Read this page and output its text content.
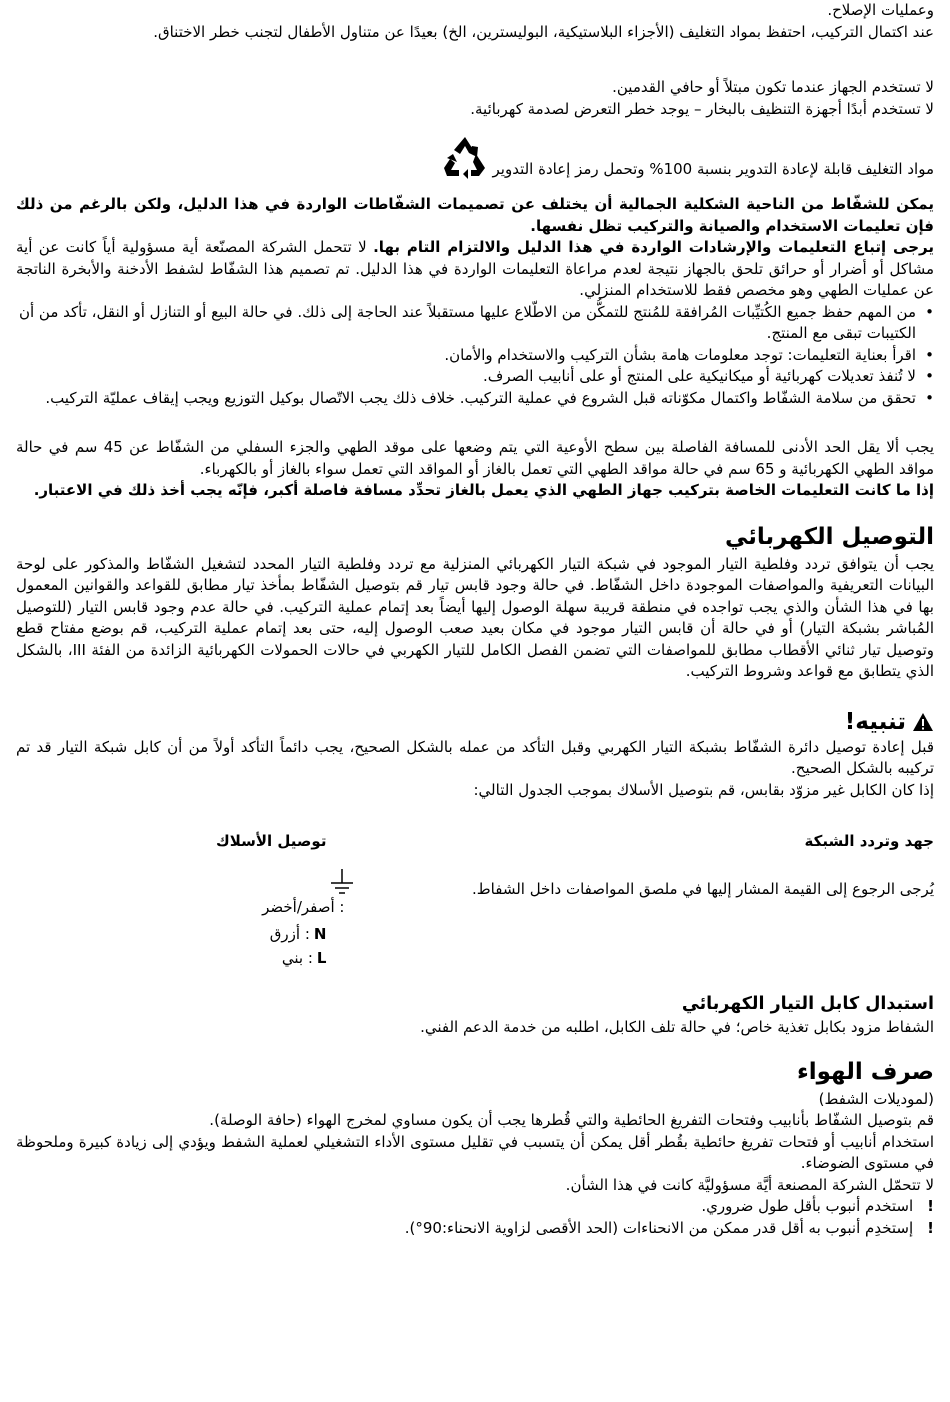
وعمليات الإصلاح.

عند اكتمال التركيب، احتفظ بمواد التغليف (الأجزاء البلاستيكية، البوليسترين، الخ) بعيدًا عن متناول الأطفال لتجنب خطر الاختناق.

لا تستخدم الجهاز عندما تكون مبتلاً أو حافي القدمين.

لا تستخدم أبدًا أجهزة التنظيف بالبخار – يوجد خطر التعرض لصدمة كهربائية.

مواد التغليف قابلة لإعادة التدوير بنسبة 100% وتحمل رمز إعادة التدوير

يمكن للشفّاط من الناحية الشكلية الجمالية أن يختلف عن تصميمات الشفّاطات الواردة في هذا الدليل، ولكن بالرغم من ذلك فإن تعليمات الاستخدام والصيانة والتركيب تظل نفسها.

يرجى إتباع التعليمات والإرشادات الواردة في هذا الدليل والالتزام التام بها. لا تتحمل الشركة المصنّعة أية مسؤولية أياً كانت عن أية مشاكل أو أضرار أو حرائق تلحق بالجهاز نتيجة لعدم مراعاة التعليمات الواردة في هذا الدليل. تم تصميم هذا الشفّاط لشفط الأدخنة والأبخرة الناتجة عن عمليات الطهي وهو مخصص فقط للاستخدام المنزلي.

• من المهم حفظ جميع الكُتيِّبات المُرافقة للمُنتج للتمكُّن من الاطّلاع عليها مستقبلاً عند الحاجة إلى ذلك. في حالة البيع أو التنازل أو النقل، تأكد من أن الكتيبات تبقى مع المنتج.
• اقرأ بعناية التعليمات: توجد معلومات هامة بشأن التركيب والاستخدام والأمان.
• لا تُنفذ تعديلات كهربائية أو ميكانيكية على المنتج أو على أنابيب الصرف.
• تحقق من سلامة الشفّاط واكتمال مكوّناته قبل الشروع في عملية التركيب. خلاف ذلك يجب الاتّصال بوكيل التوزيع ويجب إيقاف عمليّة التركيب.

يجب ألا يقل الحد الأدنى للمسافة الفاصلة بين سطح الأوعية التي يتم وضعها على موقد الطهي والجزء السفلي من الشفّاط عن 45 سم في حالة مواقد الطهي الكهربائية و 65 سم في حالة مواقد الطهي التي تعمل بالغاز أو المواقد التي تعمل سواء بالغاز أو بالكهرباء.

إذا ما كانت التعليمات الخاصة بتركيب جهاز الطهي الذي يعمل بالغاز تحدِّد مسافة فاصلة أكبر، فإنّه يجب أخذ ذلك في الاعتبار.

التوصيل الكهربائي

يجب أن يتوافق تردد وفلطية التيار الموجود في شبكة التيار الكهربائي المنزلية مع تردد وفلطية التيار المحدد لتشغيل الشفّاط والمذكور على لوحة البيانات التعريفية والمواصفات الموجودة داخل الشفّاط. في حالة وجود قابس تيار قم بتوصيل الشفّاط بمأخذ تيار مطابق للقواعد والقوانين المعمول بها في هذا الشأن والذي يجب تواجده في منطقة قريبة سهلة الوصول إليها أيضاً بعد إتمام عملية التركيب. في حالة عدم وجود قابس التيار (للتوصيل المُباشر بشبكة التيار) أو في حالة أن قابس التيار موجود في مكان بعيد صعب الوصول إليه، حتى بعد إتمام عملية التركيب، قم بوضع مفتاح قطع وتوصيل تيار ثنائي الأقطاب مطابق للمواصفات التي تضمن الفصل الكامل للتيار الكهربي في حالات الحمولات الكهربائية الزائدة من الفئة III، بالشكل الذي يتطابق مع قواعد وشروط التركيب.

تنبيه!

قبل إعادة توصيل دائرة الشفّاط بشبكة التيار الكهربي وقبل التأكد من عمله بالشكل الصحيح، يجب دائماً التأكد أولاً من أن كابل شبكة التيار قد تم تركيبه بالشكل الصحيح.

إذا كان الكابل غير مزوّد بقابس، قم بتوصيل الأسلاك بموجب الجدول التالي:

جهد وتردد الشبكة
يُرجى الرجوع إلى القيمة المشار إليها في ملصق المواصفات داخل الشفاط.
توصيل الأسلاك
: أصفر/أخضر
N
: أزرق
L
: بني
استبدال كابل التيار الكهربائي

الشفاط مزود بكابل تغذية خاص؛ في حالة تلف الكابل، اطلبه من خدمة الدعم الفني.

صرف الهواء

(لموديلات الشفط)

قم بتوصيل الشفّاط بأنابيب وفتحات التفريغ الحائطية والتي قُطرها يجب أن يكون مساوي لمخرج الهواء (حافة الوصلة).

استخدام أنابيب أو فتحات تفريغ حائطية بقُطر أقل يمكن أن يتسبب في تقليل مستوى الأداء التشغيلي لعملية الشفط ويؤدي إلى زيادة كبيرة وملحوظة في مستوى الضوضاء.

لا تتحمّل الشركة المصنعة أيَّة مسؤوليَّة كانت في هذا الشأن.

!
استخدم أنبوب بأقل طول ضروري.
!
إستخدِم أنبوب به أقل قدر ممكن من الانحناءات (الحد الأقصى لزاوية الانحناء:90°).
